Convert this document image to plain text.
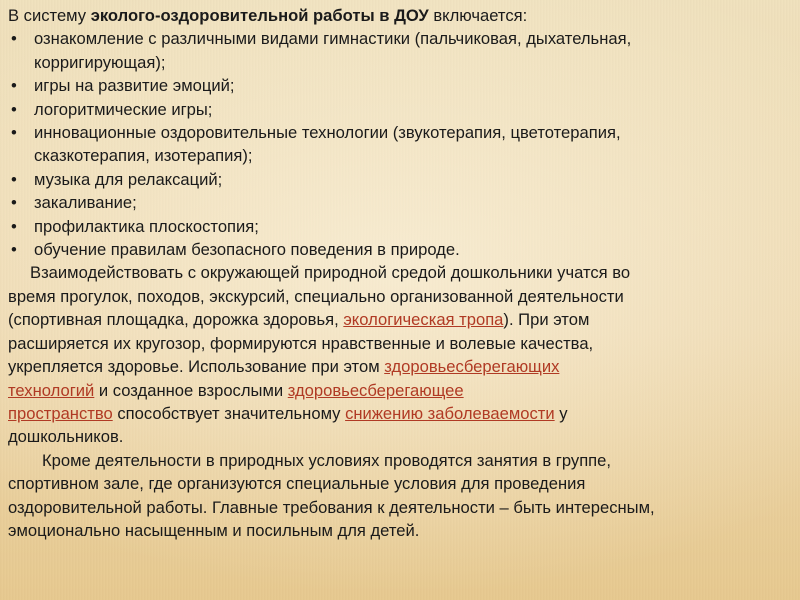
В систему эколого-оздоровительной работы в ДОУ включается:

•	ознакомление с различными видами гимнастики (пальчиковая, дыхательная,
корригирующая);
•	игры на развитие эмоций;
•	логоритмические игры;
•	инновационные оздоровительные технологии (звукотерапия, цветотерапия,
сказкотерапия, изотерапия);
•	музыка для релаксаций;
•	закаливание;
•	профилактика плоскостопия;
•	обучение правилам безопасного поведения в природе.
Взаимодействовать с окружающей природной средой дошкольники учатся во
время прогулок, походов, экскурсий, специально организованной деятельности
(спортивная площадка, дорожка здоровья, экологическая тропа). При этом
расширяется их кругозор, формируются нравственные и волевые качества,
укрепляется здоровье. Использование при этом здоровьесберегающих
технологий и созданное взрослыми здоровьесберегающее
пространство способствует значительному снижению заболеваемости у
дошкольников.
Кроме деятельности в природных условиях проводятся занятия в группе,
спортивном зале, где организуются специальные условия для проведения
оздоровительной работы. Главные требования к деятельности – быть интересным,
эмоционально насыщенным и посильным для детей.
